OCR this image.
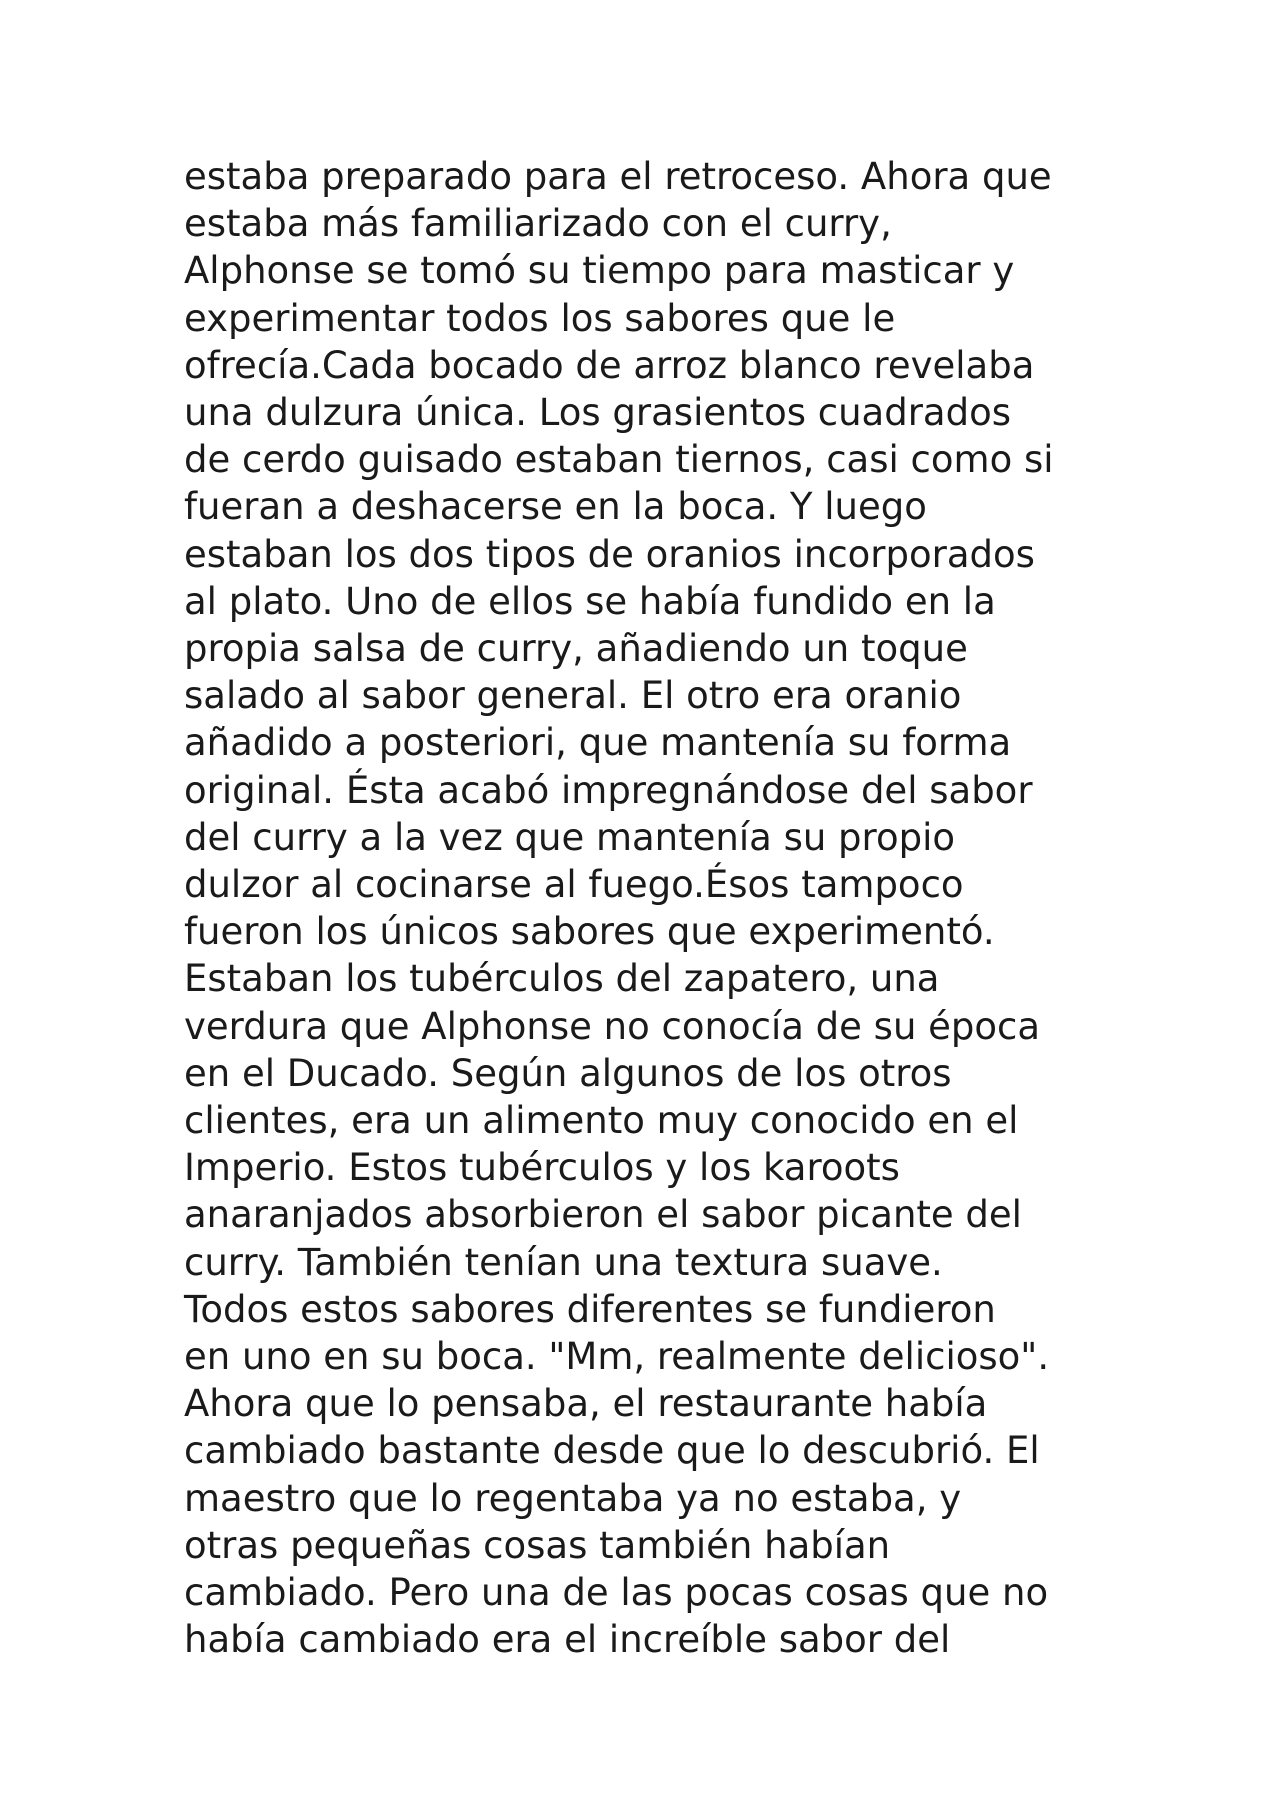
estaba preparado para el retroceso. Ahora que
estaba más familiarizado con el curry,
Alphonse se tomó su tiempo para masticar y
experimentar todos los sabores que le
ofrecía.Cada bocado de arroz blanco revelaba
una dulzura única. Los grasientos cuadrados
de cerdo guisado estaban tiernos, casi como si
fueran a deshacerse en la boca. Y luego
estaban los dos tipos de oranios incorporados
al plato. Uno de ellos se había fundido en la
propia salsa de curry, añadiendo un toque
salado al sabor general. El otro era oranio
añadido a posteriori, que mantenía su forma
original. Ésta acabó impregnándose del sabor
del curry a la vez que mantenía su propio
dulzor al cocinarse al fuego.Ésos tampoco
fueron los únicos sabores que experimentó.
Estaban los tubérculos del zapatero, una
verdura que Alphonse no conocía de su época
en el Ducado. Según algunos de los otros
clientes, era un alimento muy conocido en el
Imperio. Estos tubérculos y los karoots
anaranjados absorbieron el sabor picante del
curry. También tenían una textura suave.
Todos estos sabores diferentes se fundieron
en uno en su boca. "Mm, realmente delicioso".
Ahora que lo pensaba, el restaurante había
cambiado bastante desde que lo descubrió. El
maestro que lo regentaba ya no estaba, y
otras pequeñas cosas también habían
cambiado. Pero una de las pocas cosas que no
había cambiado era el increíble sabor del
